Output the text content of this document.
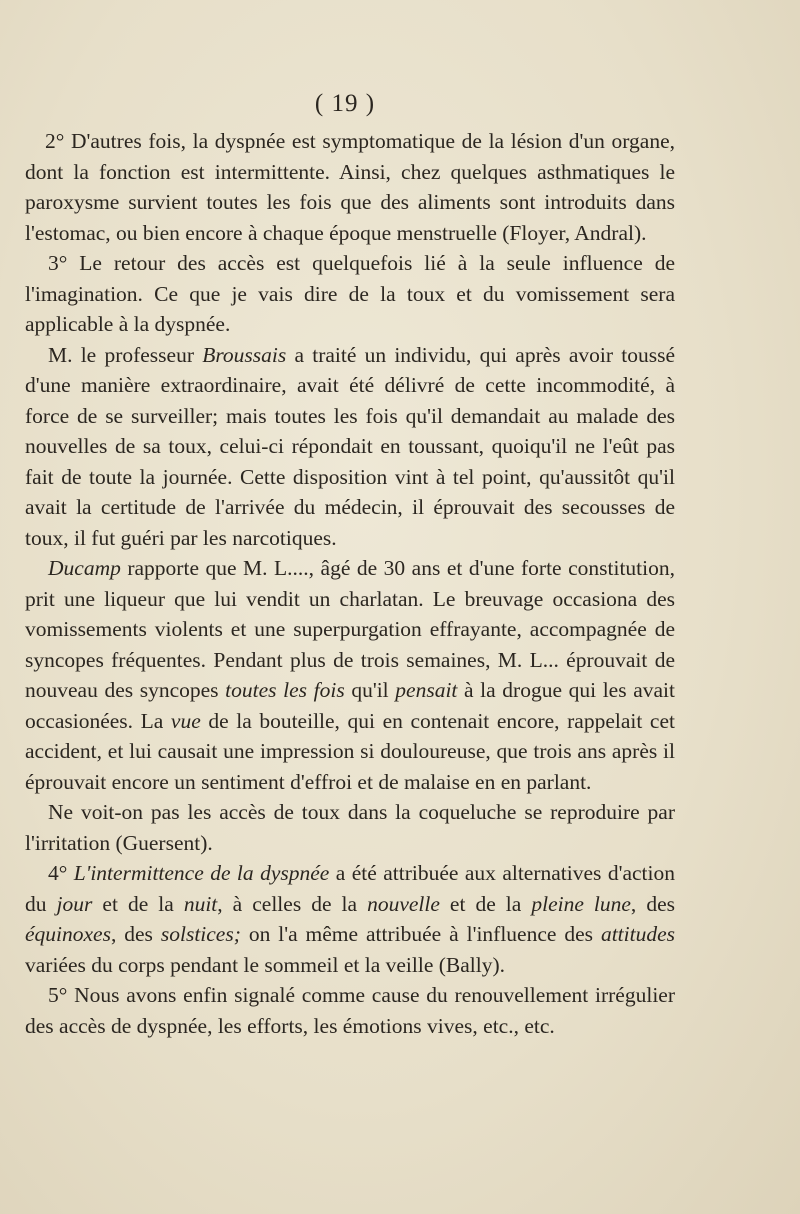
( 19 )

2° D'autres fois, la dyspnée est symptomatique de la lésion d'un organe, dont la fonction est intermittente. Ainsi, chez quelques asthmatiques le paroxysme survient toutes les fois que des aliments sont introduits dans l'estomac, ou bien encore à chaque époque menstruelle (Floyer, Andral).

3° Le retour des accès est quelquefois lié à la seule influence de l'imagination. Ce que je vais dire de la toux et du vomissement sera applicable à la dyspnée.

M. le professeur Broussais a traité un individu, qui après avoir toussé d'une manière extraordinaire, avait été délivré de cette incommodité, à force de se surveiller; mais toutes les fois qu'il demandait au malade des nouvelles de sa toux, celui-ci répondait en toussant, quoiqu'il ne l'eût pas fait de toute la journée. Cette disposition vint à tel point, qu'aussitôt qu'il avait la certitude de l'arrivée du médecin, il éprouvait des secousses de toux, il fut guéri par les narcotiques.

Ducamp rapporte que M. L...., âgé de 30 ans et d'une forte constitution, prit une liqueur que lui vendit un charlatan. Le breuvage occasiona des vomissements violents et une superpurgation effrayante, accompagnée de syncopes fréquentes. Pendant plus de trois semaines, M. L... éprouvait de nouveau des syncopes toutes les fois qu'il pensait à la drogue qui les avait occasionées. La vue de la bouteille, qui en contenait encore, rappelait cet accident, et lui causait une impression si douloureuse, que trois ans après il éprouvait encore un sentiment d'effroi et de malaise en en parlant.

Ne voit-on pas les accès de toux dans la coqueluche se reproduire par l'irritation (Guersent).

4° L'intermittence de la dyspnée a été attribuée aux alternatives d'action du jour et de la nuit, à celles de la nouvelle et de la pleine lune, des équinoxes, des solstices; on l'a même attribuée à l'influence des attitudes variées du corps pendant le sommeil et la veille (Bally).

5° Nous avons enfin signalé comme cause du renouvellement irrégulier des accès de dyspnée, les efforts, les émotions vives, etc., etc.
